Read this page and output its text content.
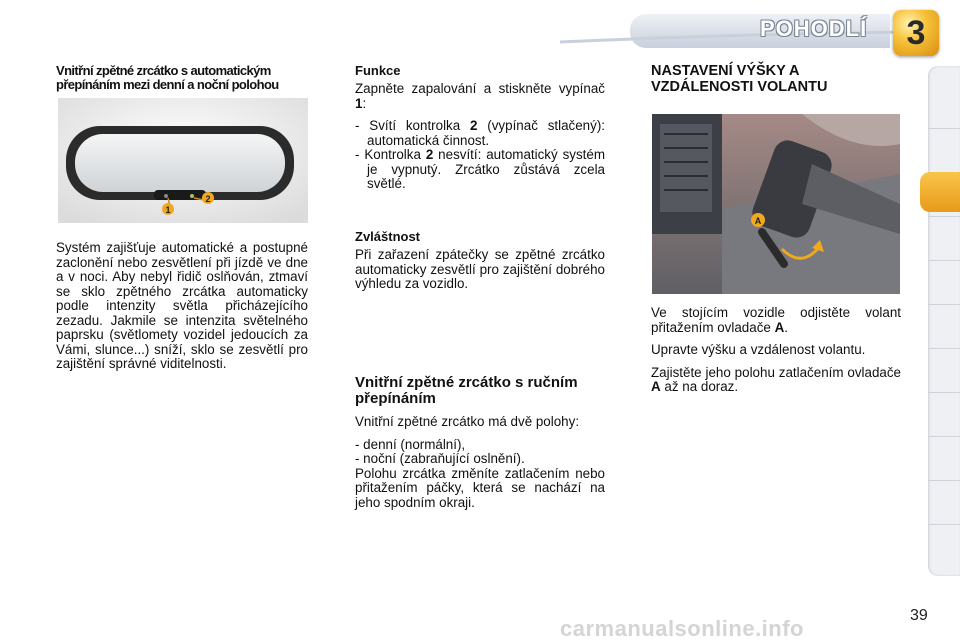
POHODLÍ	3
Vnitřní zpětné zrcátko s automatickým přepínáním mezi denní a noční polohou
1
2

Systém zajišťuje automatické a postupné zaclonění nebo zesvětlení při jízdě ve dne a v noci. Aby nebyl řidič oslňován, ztmaví se sklo zpětného zrcátka automaticky podle intenzity světla přicházejícího zezadu. Jakmile se intenzita světelného paprsku (světlomety vozidel jedoucích za Vámi, slunce...) sníží, sklo se zesvětlí pro zajištění správné viditelnosti.

Funkce

Zapněte zapalování a stiskněte vypínač 1:

- Svítí kontrolka 2 (vypínač stlačený): automatická činnost.
- Kontrolka 2 nesvítí: automatický systém je vypnutý. Zrcátko zůstává zcela světlé.
Zvláštnost

Při zařazení zpátečky se zpětné zrcátko automaticky zesvětlí pro zajištění dobrého výhledu za vozidlo.

Vnitřní zpětné zrcátko s ručním přepínáním

Vnitřní zpětné zrcátko má dvě polohy:

- denní (normální),
- noční (zabraňující oslnění).

Polohu zrcátka změníte zatlačením nebo přitažením páčky, která se nachází na jeho spodním okraji.

NASTAVENÍ VÝŠKY A VZDÁLENOSTI VOLANTU
A

Ve stojícím vozidle odjistěte volant přitažením ovladače A.

Upravte výšku a vzdálenost volantu.

Zajistěte jeho polohu zatlačením ovladače A až na doraz.

39
carmanualsonline.info
